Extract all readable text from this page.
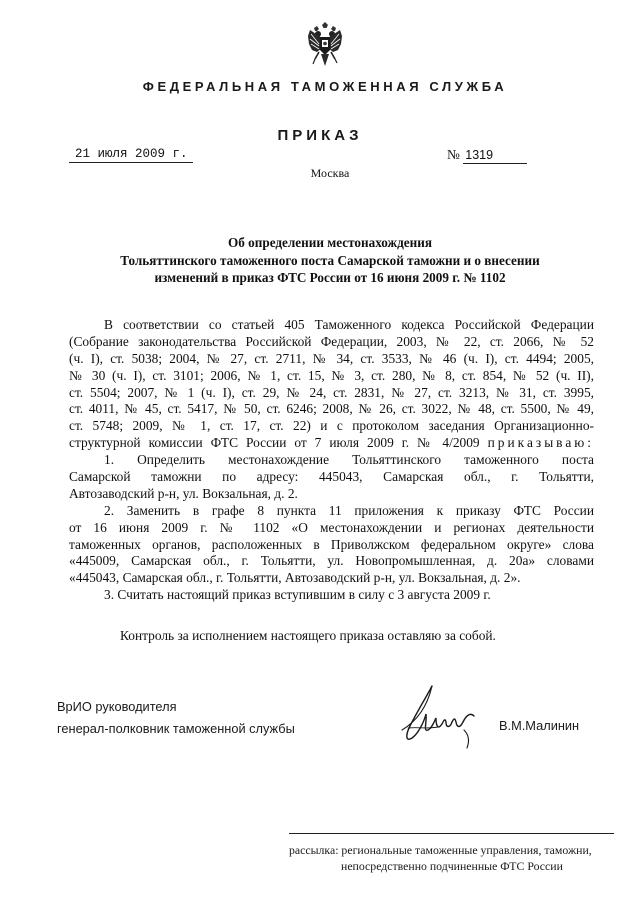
ФЕДЕРАЛЬНАЯ ТАМОЖЕННАЯ СЛУЖБА
ПРИКАЗ
21 июля 2009 г.	№ 1319
Москва
Об определении местонахождения
Тольяттинского таможенного поста Самарской таможни и о внесении
изменений в приказ ФТС России от 16 июня 2009 г. № 1102
В соответствии со статьей 405 Таможенного кодекса Российской Федерации
(Собрание законодательства Российской Федерации, 2003, № 22, ст. 2066, № 52
(ч. I), ст. 5038; 2004, № 27, ст. 2711, № 34, ст. 3533, № 46 (ч. I), ст. 4494; 2005,
№ 30 (ч. I), ст. 3101; 2006, № 1, ст. 15, № 3, ст. 280, № 8, ст. 854, № 52 (ч. II),
ст. 5504; 2007, № 1 (ч. I), ст. 29, № 24, ст. 2831, № 27, ст. 3213, № 31, ст. 3995,
ст. 4011, № 45, ст. 5417, № 50, ст. 6246; 2008, № 26, ст. 3022, № 48, ст. 5500, № 49,
ст. 5748; 2009, № 1, ст. 17, ст. 22) и с протоколом заседания Организационно-
структурной комиссии ФТС России от 7 июля 2009 г. № 4/2009 приказываю:
1. Определить местонахождение Тольяттинского таможенного поста
Самарской таможни по адресу: 445043, Самарская обл., г. Тольятти,
Автозаводский р-н, ул. Вокзальная, д. 2.
2. Заменить в графе 8 пункта 11 приложения к приказу ФТС России
от 16 июня 2009 г. № 1102 «О местонахождении и регионах деятельности
таможенных органов, расположенных в Приволжском федеральном округе» слова
«445009, Самарская обл., г. Тольятти, ул. Новопромышленная, д. 20а» словами
«445043, Самарская обл., г. Тольятти, Автозаводский р-н, ул. Вокзальная, д. 2».
3. Считать настоящий приказ вступившим в силу с 3 августа 2009 г.
Контроль за исполнением настоящего приказа оставляю за собой.
ВрИО руководителя
генерал-полковник таможенной службы	В.М.Малинин
рассылка: региональные таможенные управления, таможни,
непосредственно подчиненные ФТС России
